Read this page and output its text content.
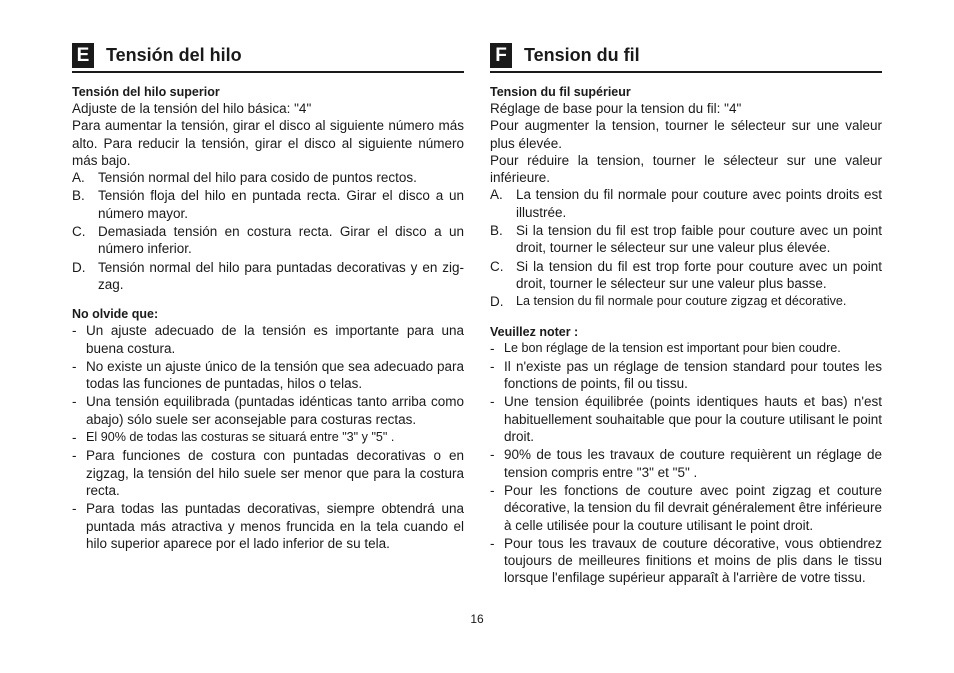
E Tensión del hilo
Tensión del hilo superior

Adjuste de la tensión del hilo básica: "4"

Para aumentar la tensión, girar el disco al siguiente número más alto. Para reducir la tensión, girar el disco al siguiente número más bajo.

A. Tensión normal del hilo para cosido de puntos rectos.
B. Tensión floja del hilo en puntada recta. Girar el disco a un número mayor.
C. Demasiada tensión en costura recta. Girar el disco a un número inferior.
D. Tensión normal del hilo para puntadas decorativas y en zig-zag.
No olvide que:
- Un ajuste adecuado de la tensión es importante para una buena costura.
- No existe un ajuste único de la tensión que sea adecuado para todas las funciones de puntadas, hilos o telas.
- Una tensión equilibrada (puntadas idénticas tanto arriba como abajo) sólo suele ser aconsejable para costuras rectas.
- El 90% de todas las costuras se situará entre "3" y "5" .
- Para funciones de costura con puntadas decorativas o en zigzag, la tensión del hilo suele ser menor que para la costura recta.
- Para todas las puntadas decorativas, siempre obtendrá una puntada más atractiva y menos fruncida en la tela cuando el hilo superior aparece por el lado inferior de su tela.
F Tension du fil
Tension du fil supérieur

Réglage de base pour la tension du fil: "4"

Pour augmenter la tension, tourner le sélecteur sur une valeur plus élevée.

Pour réduire la tension, tourner le sélecteur sur une valeur inférieure.

A. La tension du fil normale pour couture avec points droits est illustrée.
B. Si la tension du fil est trop faible pour couture avec un point droit, tourner le sélecteur sur une valeur plus élevée.
C. Si la tension du fil est trop forte pour couture avec un point droit, tourner le sélecteur sur une valeur plus basse.
D. La tension du fil normale pour couture zigzag et décorative.
Veuillez noter :
- Le bon réglage de la tension est important pour bien coudre.
- Il n'existe pas un réglage de tension standard pour toutes les fonctions de points, fil ou tissu.
- Une tension équilibrée (points identiques hauts et bas) n'est habituellement souhaitable que pour la couture utilisant le point droit.
- 90% de tous les travaux de couture requièrent un réglage de tension compris entre "3" et "5" .
- Pour les fonctions de couture avec point zigzag et couture décorative, la tension du fil devrait généralement être inférieure à celle utilisée pour la couture utilisant le point droit.
- Pour tous les travaux de couture décorative, vous obtiendrez toujours de meilleures finitions et moins de plis dans le tissu lorsque l'enfilage supérieur apparaît à l'arrière de votre tissu.
16
